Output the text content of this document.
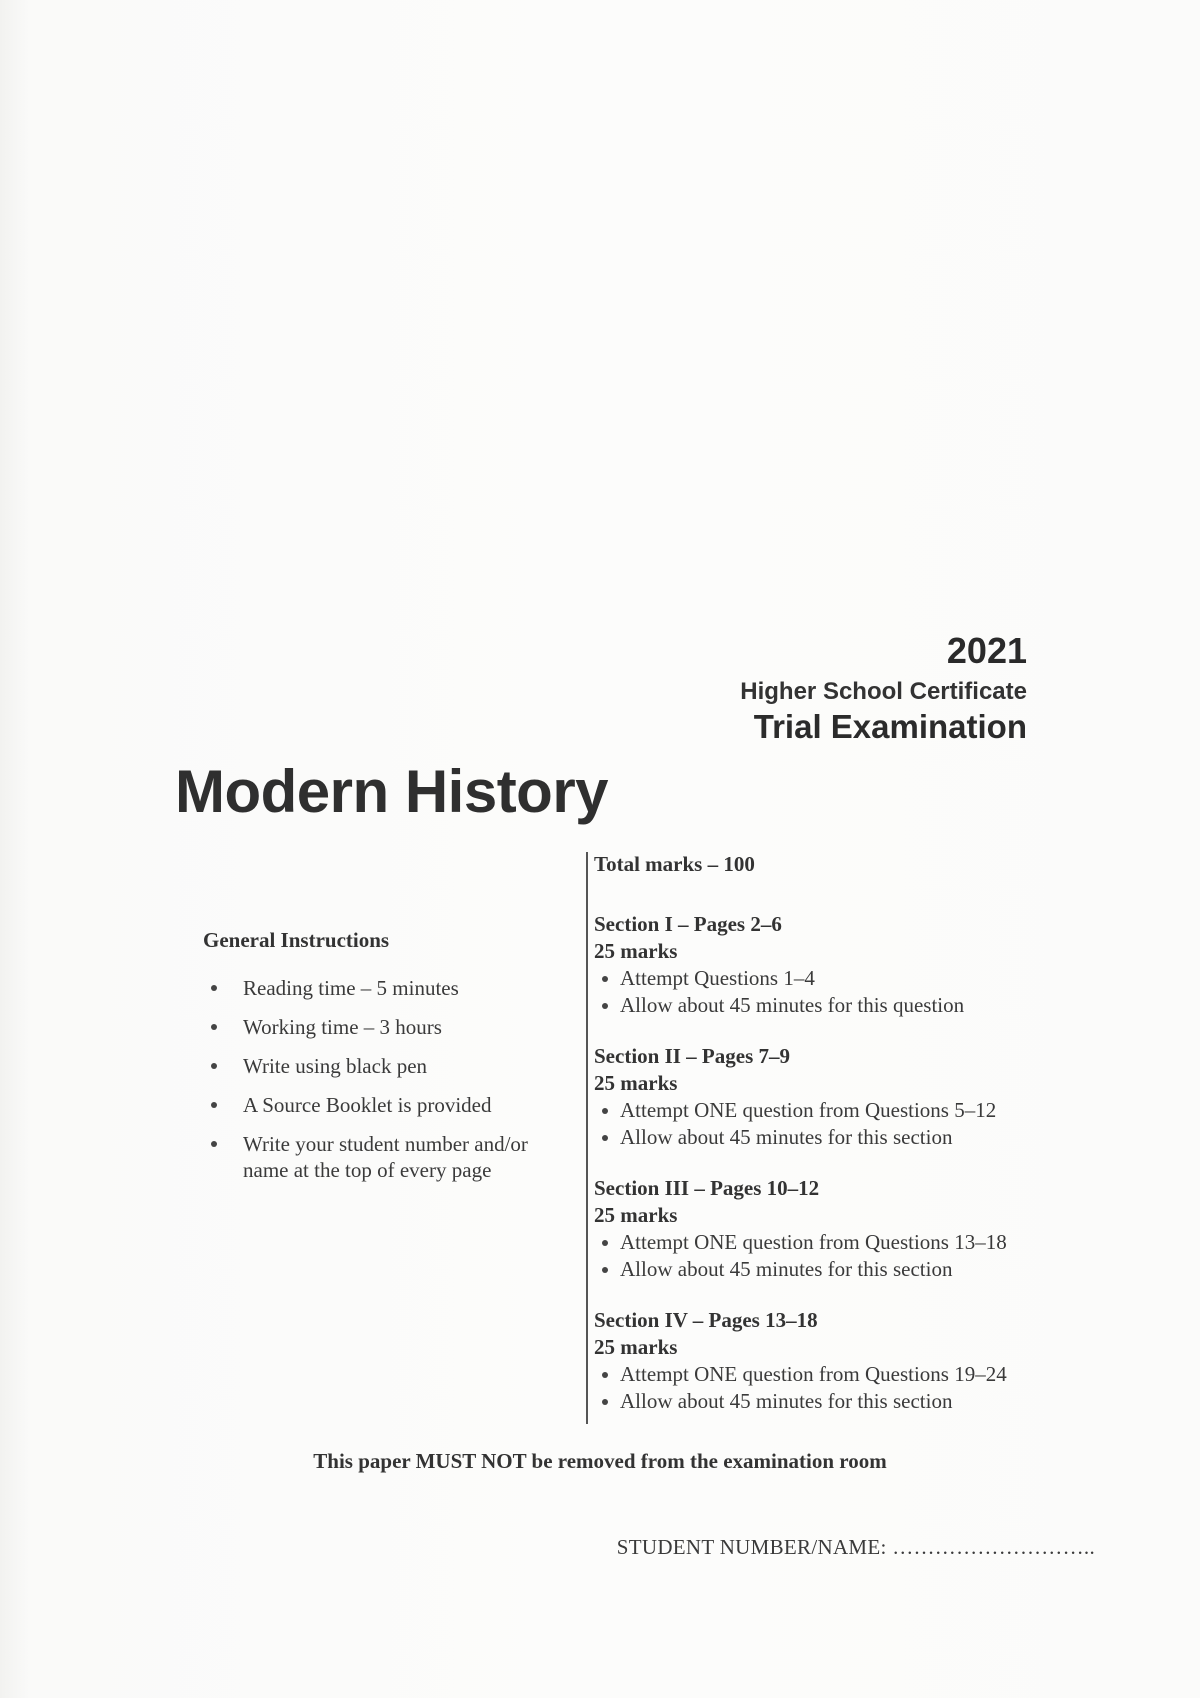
2021

Higher School Certificate

Trial Examination

Modern History
General Instructions
Reading time – 5 minutes
Working time – 3 hours
Write using black pen
A Source Booklet is provided
Write your student number and/or name at the top of every page

Total marks – 100

Section I – Pages 2–6

25 marks

Attempt Questions 1–4
Allow about 45 minutes for this question
Section II – Pages 7–9

25 marks

Attempt ONE question from Questions 5–12
Allow about 45 minutes for this section
Section III – Pages 10–12

25 marks

Attempt ONE question from Questions 13–18
Allow about 45 minutes for this section
Section IV – Pages 13–18

25 marks

Attempt ONE question from Questions 19–24
Allow about 45 minutes for this section

This paper MUST NOT be removed from the examination room

STUDENT NUMBER/NAME: ………………………..
